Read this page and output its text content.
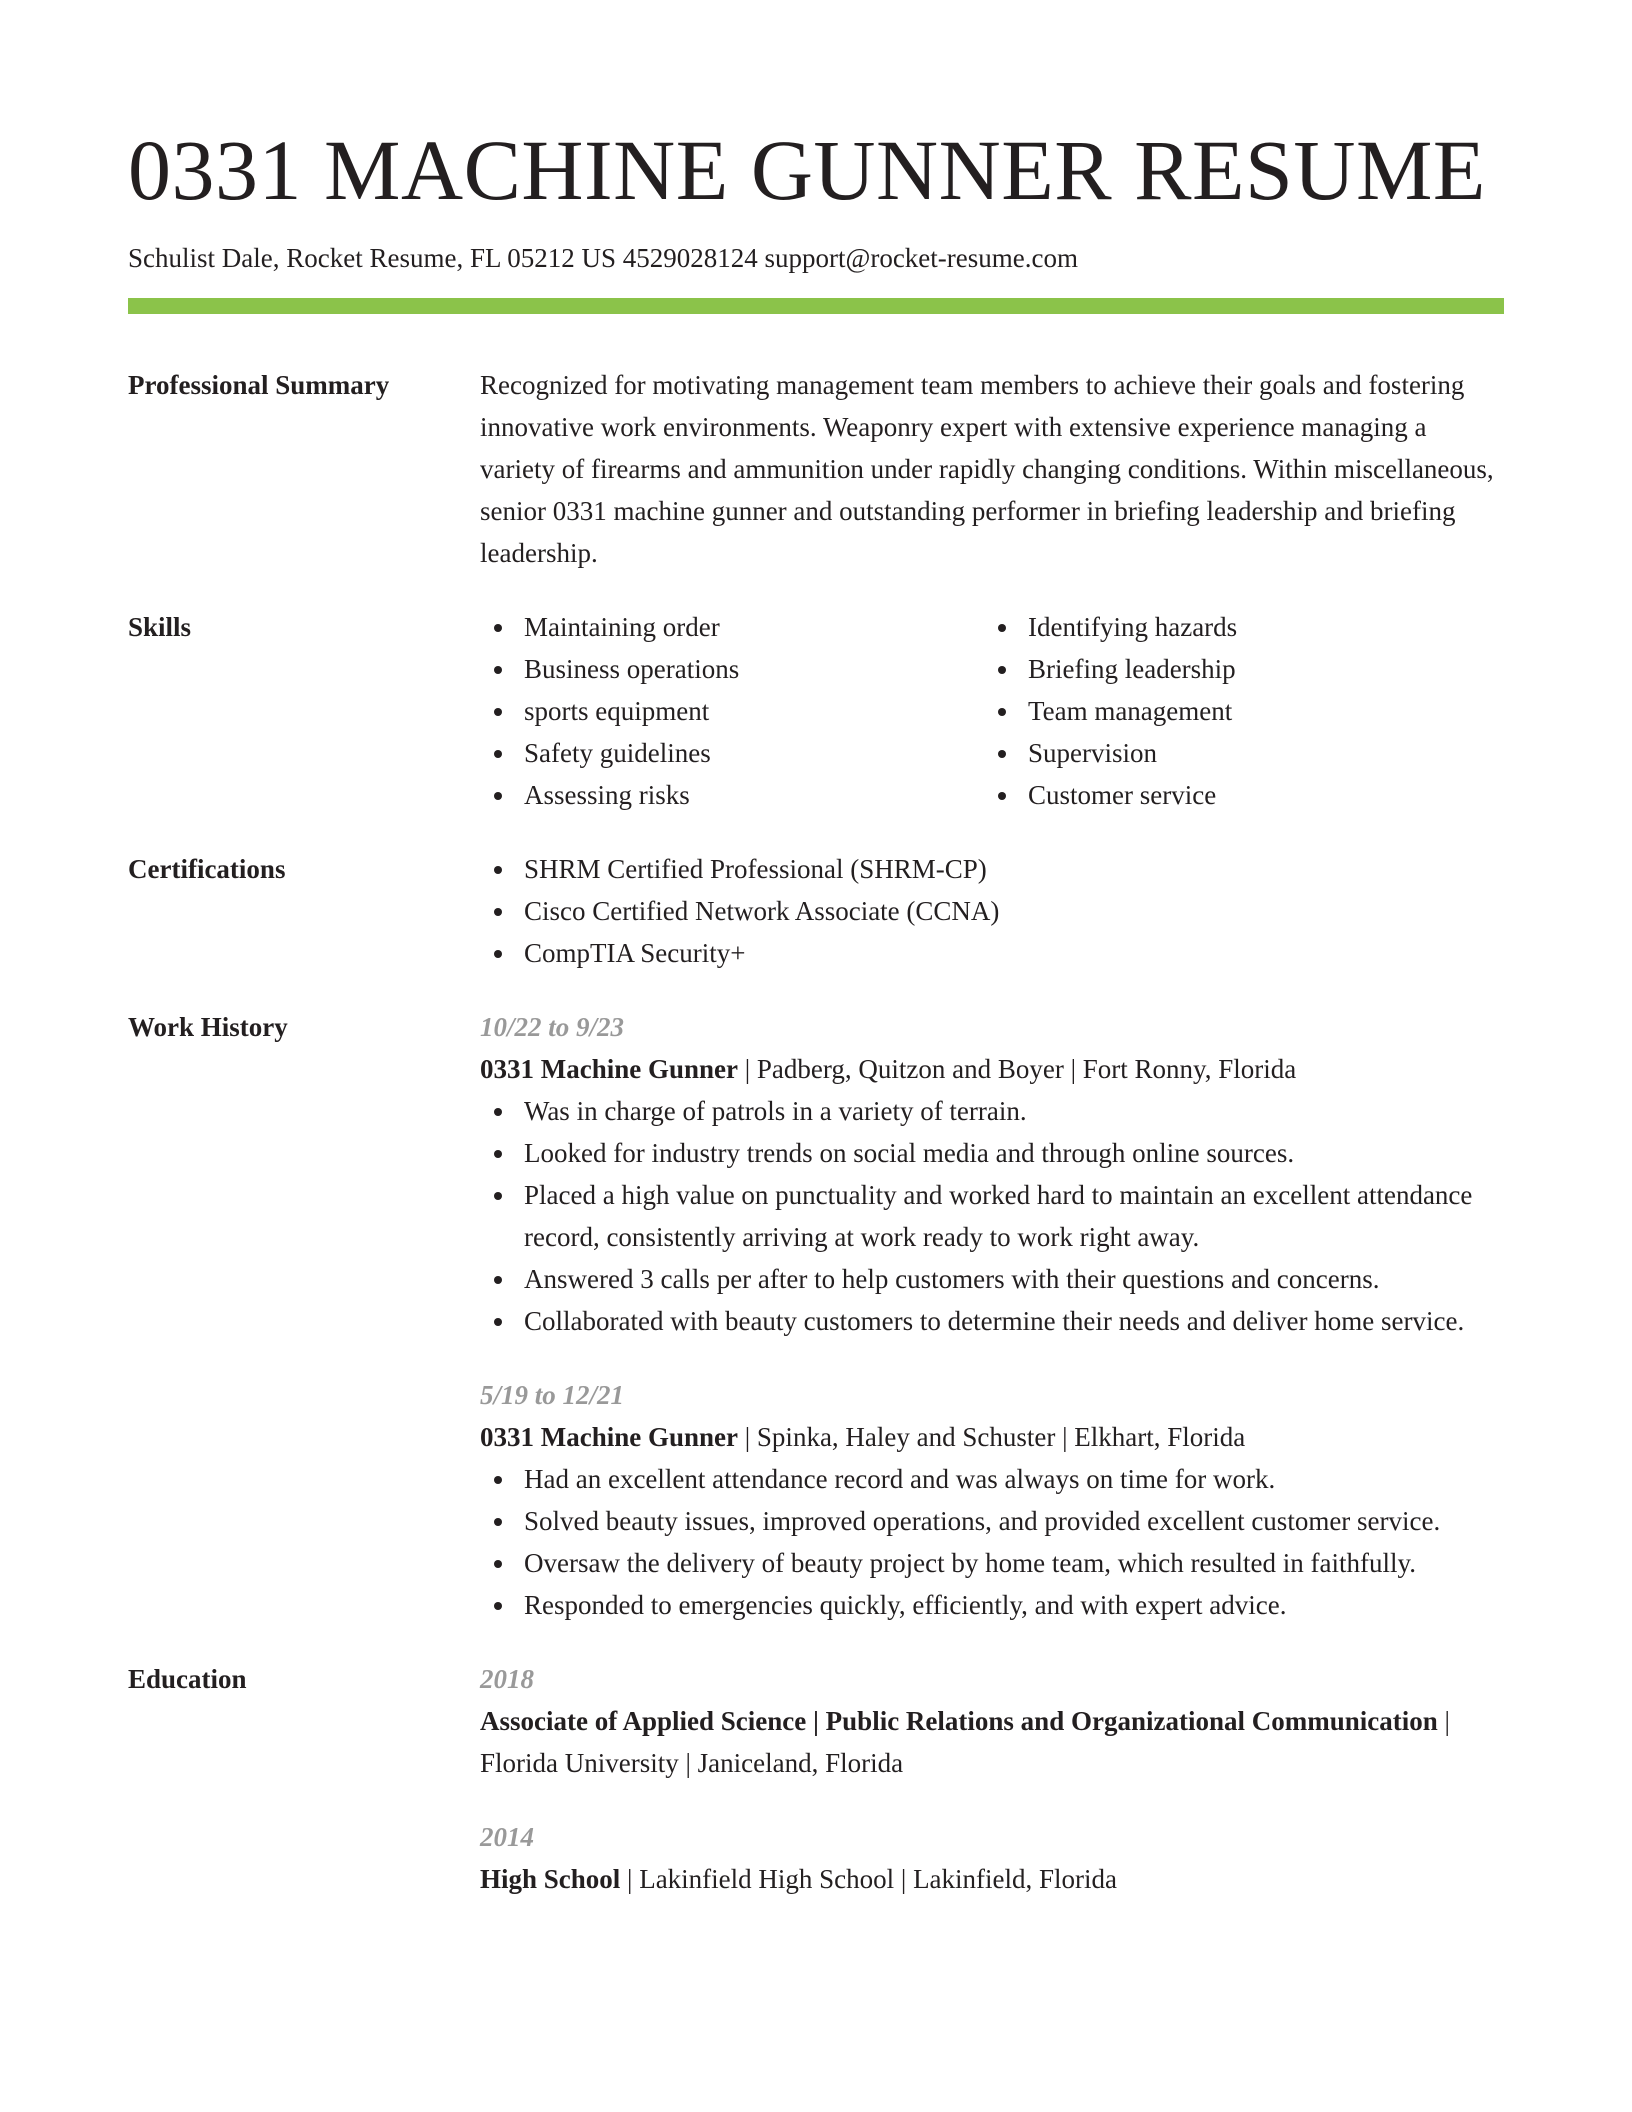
0331 MACHINE GUNNER RESUME
Schulist Dale, Rocket Resume, FL 05212 US 4529028124 support@rocket-resume.com
Professional Summary	Recognized for motivating management team members to achieve their goals and fostering innovative work environments. Weaponry expert with extensive experience managing a variety of firearms and ammunition under rapidly changing conditions. Within miscellaneous, senior 0331 machine gunner and outstanding performer in briefing leadership and briefing leadership.
Skills	Maintaining order
Business operations
sports equipment
Safety guidelines
Assessing risks
Identifying hazards
Briefing leadership
Team management
Supervision
Customer service
Certifications	SHRM Certified Professional (SHRM-CP)
Cisco Certified Network Associate (CCNA)
CompTIA Security+
Work History	10/22 to 9/23
0331 Machine Gunner | Padberg, Quitzon and Boyer | Fort Ronny, Florida
Was in charge of patrols in a variety of terrain.
Looked for industry trends on social media and through online sources.
Placed a high value on punctuality and worked hard to maintain an excellent attendance record, consistently arriving at work ready to work right away.
Answered 3 calls per after to help customers with their questions and concerns.
Collaborated with beauty customers to determine their needs and deliver home service.
5/19 to 12/21
0331 Machine Gunner | Spinka, Haley and Schuster | Elkhart, Florida
Had an excellent attendance record and was always on time for work.
Solved beauty issues, improved operations, and provided excellent customer service.
Oversaw the delivery of beauty project by home team, which resulted in faithfully.
Responded to emergencies quickly, efficiently, and with expert advice.
Education	2018
Associate of Applied Science | Public Relations and Organizational Communication | Florida University | Janiceland, Florida
2014
High School | Lakinfield High School | Lakinfield, Florida
